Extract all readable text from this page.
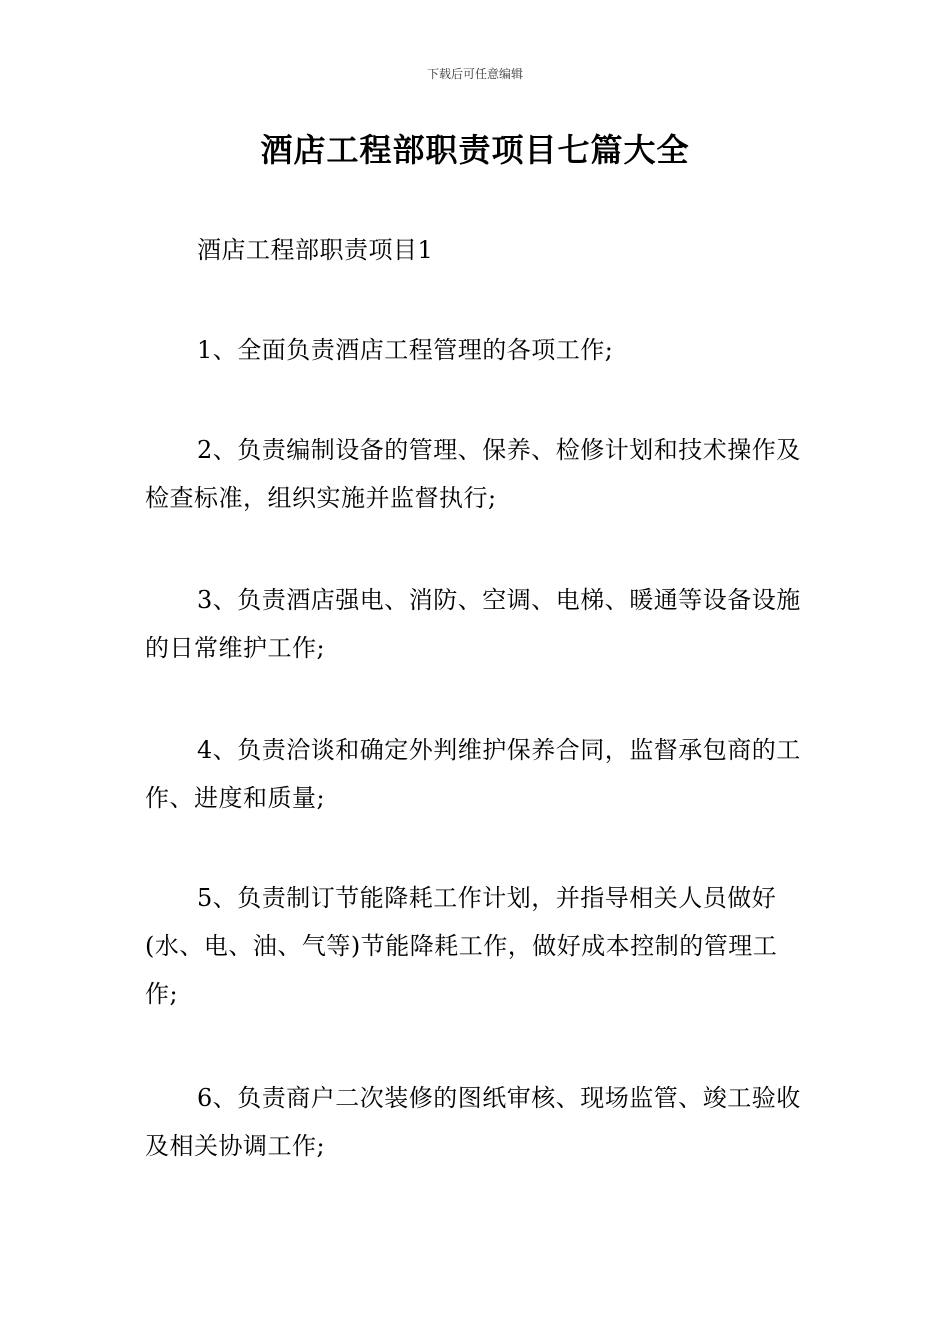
下载后可任意编辑
酒店工程部职责项目七篇大全

酒店工程部职责项目1

1、全面负责酒店工程管理的各项工作;

2、负责编制设备的管理、保养、检修计划和技术操作及检查标准，组织实施并监督执行;

3、负责酒店强电、消防、空调、电梯、暖通等设备设施的日常维护工作;

4、负责洽谈和确定外判维护保养合同，监督承包商的工作、进度和质量;

5、负责制订节能降耗工作计划，并指导相关人员做好(水、电、油、气等)节能降耗工作，做好成本控制的管理工作;

6、负责商户二次装修的图纸审核、现场监管、竣工验收及相关协调工作;
